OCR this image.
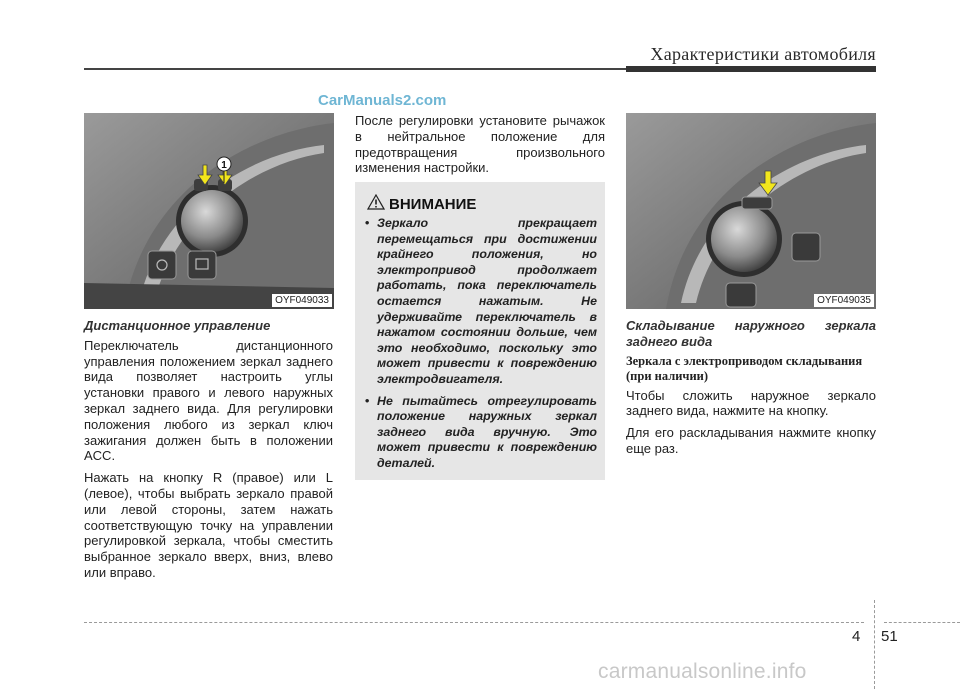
Характеристики автомобиля
CarManuals2.com
1
OYF049033	OYF049035
Дистанционное управление

Переключатель дистанционного управления положением зеркал заднего вида позволяет настроить углы установки правого и левого наружных зеркал заднего вида. Для регулировки положения любого из зеркал ключ зажигания должен быть в положении ACC.

Нажать на кнопку R (правое) или L (левое), чтобы выбрать зеркало правой или левой стороны, затем нажать соответствующую точку на управлении регулировкой зеркала, чтобы сместить выбранное зеркало вверх, вниз, влево или вправо.

После регулировки установите рычажок в нейтральное положение для предотвращения произвольного изменения настройки.

ВНИМАНИЕ
• Зеркало прекращает перемещаться при достижении крайнего положения, но электропривод продолжает работать, пока переключатель остается нажатым. Не удерживайте переключатель в нажатом состоянии дольше, чем это необходимо, поскольку это может привести к повреждению электродвигателя.
• Не пытайтесь отрегулировать положение наружных зеркал заднего вида вручную. Это может привести к повреждению деталей.
Складывание наружного зеркала заднего вида
Зеркала с электроприводом складывания (при наличии)

Чтобы сложить наружное зеркало заднего вида, нажмите на кнопку.

Для его раскладывания нажмите кнопку еще раз.

4 51
carmanualsonline.info
